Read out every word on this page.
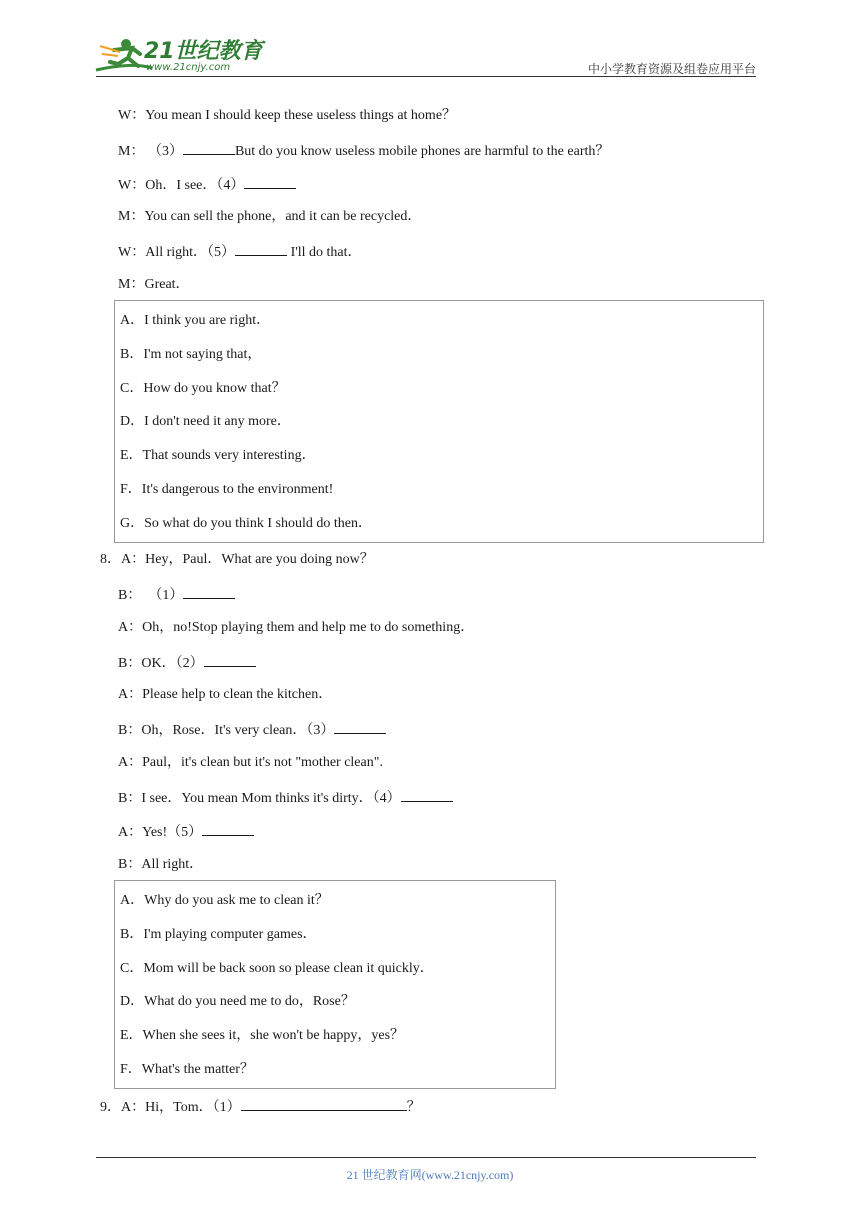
21世纪教育
www.21cnjy.com	中小学教育资源及组卷应用平台
W：You mean I should keep these useless things at home？
M： （3）	But do you know useless mobile phones are harmful to the earth？
W：Oh．I see．（4）
M：You can sell the phone，and it can be recycled．
W：All right．（5）	I'll do that．
M：Great．
A．I think you are right．
B．I'm not saying that，
C．How do you know that？
D．I don't need it any more．
E．That sounds very interesting．
F．It's dangerous to the environment!
G．So what do you think I should do then．
8．A：Hey，Paul．What are you doing now？
B： （1）
A：Oh，no!Stop playing them and help me to do something．
B：OK．（2）
A：Please help to clean the kitchen．
B：Oh，Rose．It's very clean．（3）
A：Paul，it's clean but it's not "mother clean".
B：I see．You mean Mom thinks it's dirty．（4）
A：Yes!（5）
B：All right．
A．Why do you ask me to clean it？
B．I'm playing computer games．
C．Mom will be back soon so please clean it quickly．
D．What do you need me to do，Rose？
E．When she sees it，she won't be happy，yes？
F．What's the matter？
9．A：Hi，Tom．（1）	？
21 世纪教育网(www.21cnjy.com)
